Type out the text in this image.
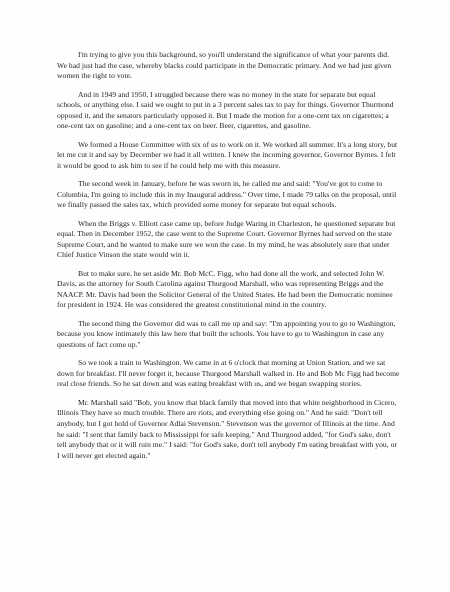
I'm trying to give you this background, so you'll understand the significance of what your parents did. We had just had the case, whereby blacks could participate in the Democratic primary. And we had just given women the right to vote.

And in 1949 and 1950, I struggled because there was no money in the state for separate but equal schools, or anything else. I said we ought to put in a 3 percent sales tax to pay for things. Governor Thurmond opposed it, and the senators particularly opposed it. But I made the motion for a one-cent tax on cigarettes; a one-cent tax on gasoline; and a one-cent tax on beer. Beer, cigarettes, and gasoline.

We formed a House Committee with six of us to work on it. We worked all summer. It's a long story, but let me cut it and say by December we had it all written. I knew the incoming governor, Governor Byrnes. I felt it would be good to ask him to see if he could help me with this measure.

The second week in January, before he was sworn in, he called me and said: "You've got to come to Columbia, I'm going to include this in my Inaugural address." Over time, I made 79 talks on the proposal, until we finally passed the sales tax, which provided some money for separate but equal schools.

When the Briggs v. Elliott case came up, before Judge Waring in Charleston, he questioned separate but equal. Then in December 1952, the case went to the Supreme Court. Governor Byrnes had served on the state Supreme Court, and he wanted to make sure we won the case. In my mind, he was absolutely sure that under Chief Justice Vinson the state would win it.

But to make sure, he set aside Mr. Bob McC. Figg, who had done all the work, and selected John W. Davis, as the attorney for South Carolina against Thurgood Marshall, who was representing Briggs and the NAACP. Mr. Davis had been the Solicitor General of the United States. He had been the Democratic nominee for president in 1924. He was considered the greatest constitutional mind in the country.

The second thing the Governor did was to call me up and say: "I'm appointing you to go to Washington, because you know intimately this law here that built the schools. You have to go to Washington in case any questions of fact come up."

So we took a train to Washington. We came in at 6 o'clock that morning at Union Station, and we sat down for breakfast. I'll never forget it, because Thurgood Marshall walked in. He and Bob Mc Figg had become real close friends. So he sat down and was eating breakfast with us, and we began swapping stories.

Mr. Marshall said "Bob, you know that black family that moved into that white neighborhood in Cicero, Illinois They have so much trouble. There are riots, and everything else going on." And he said: "Don't tell anybody, but I got hold of Governor Adlai Stevenson." Stevenson was the governor of Illinois at the time. And he said: "I sent that family back to Mississippi for safe keeping." And Thurgood added, "for God's sake, don't tell anybody that or it will ruin me." I said: "for God's sake, don't tell anybody I'm eating breakfast with you, or I will never get elected again."
